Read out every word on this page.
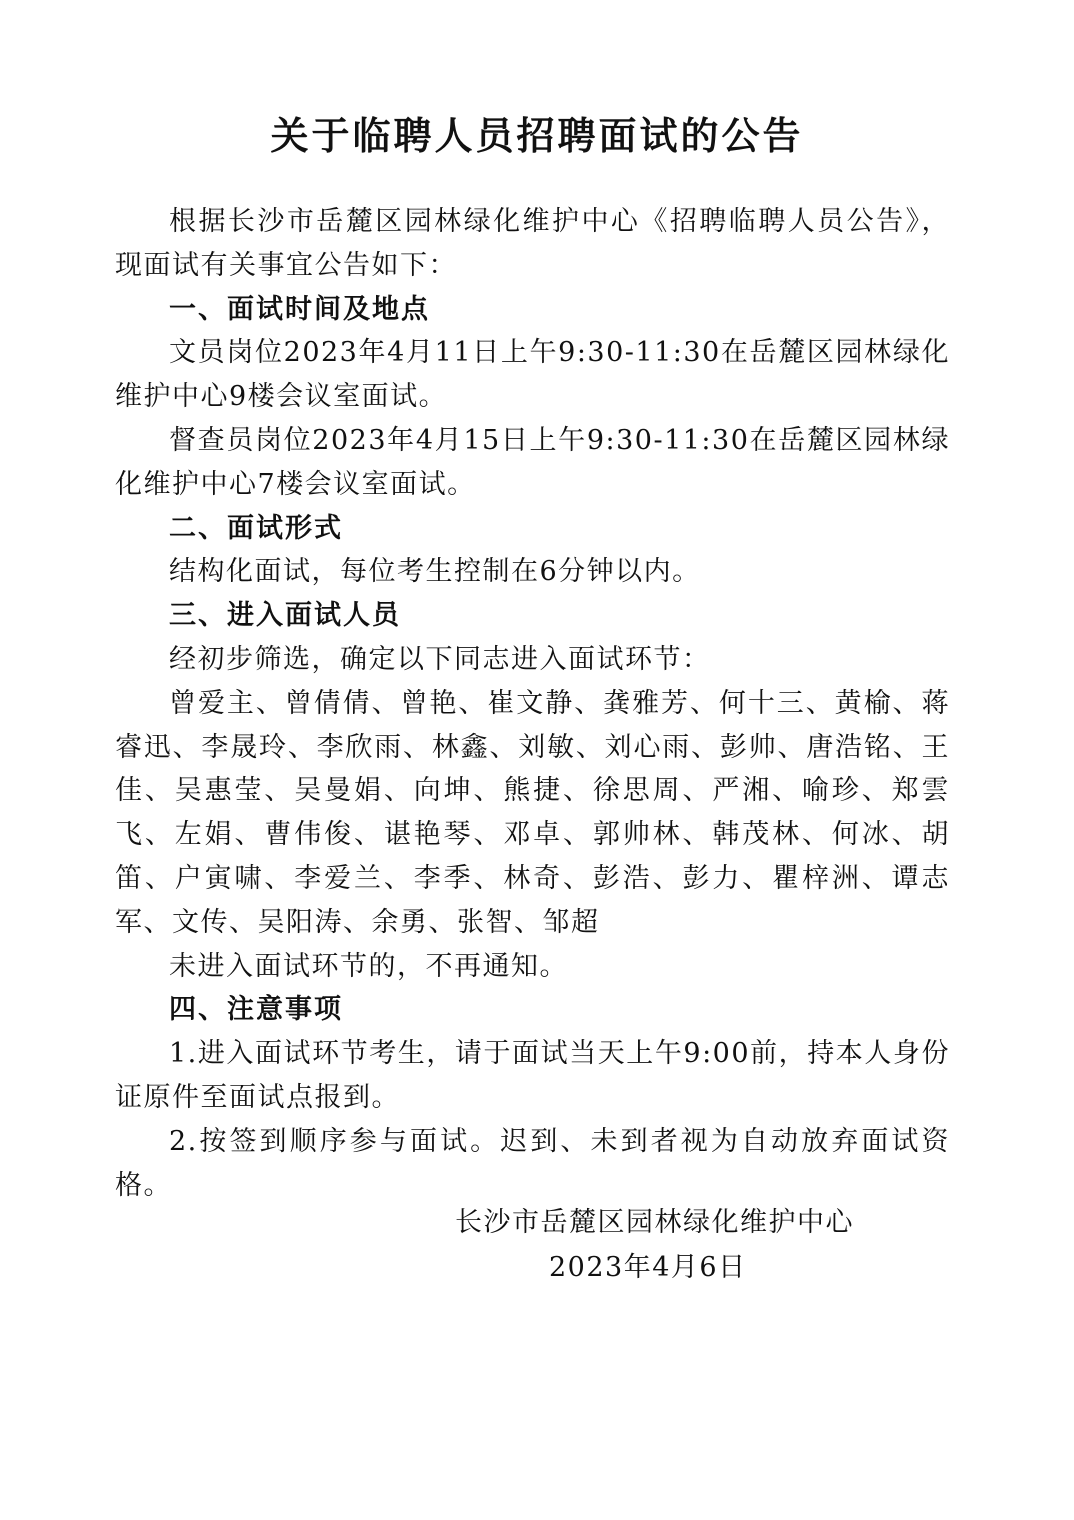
关于临聘人员招聘面试的公告

根据长沙市岳麓区园林绿化维护中心《招聘临聘人员公告》，现面试有关事宜公告如下：

一、面试时间及地点

文员岗位2023年4月11日上午9:30-11:30在岳麓区园林绿化维护中心9楼会议室面试。

督查员岗位2023年4月15日上午9:30-11:30在岳麓区园林绿化维护中心7楼会议室面试。

二、面试形式

结构化面试，每位考生控制在6分钟以内。

三、进入面试人员

经初步筛选，确定以下同志进入面试环节：

曾爱主、曾倩倩、曾艳、崔文静、龚雅芳、何十三、黄榆、蒋睿迅、李晟玲、李欣雨、林鑫、刘敏、刘心雨、彭帅、唐浩铭、王佳、吴惠莹、吴曼娟、向坤、熊捷、徐思周、严湘、喻珍、郑雲飞、左娟、曹伟俊、谌艳琴、邓卓、郭帅林、韩茂林、何冰、胡笛、户寅啸、李爱兰、李季、林奇、彭浩、彭力、瞿梓洲、谭志军、文传、吴阳涛、余勇、张智、邹超

未进入面试环节的，不再通知。

四、注意事项

1.进入面试环节考生，请于面试当天上午9:00前，持本人身份证原件至面试点报到。

2.按签到顺序参与面试。迟到、未到者视为自动放弃面试资格。

长沙市岳麓区园林绿化维护中心

2023年4月6日
